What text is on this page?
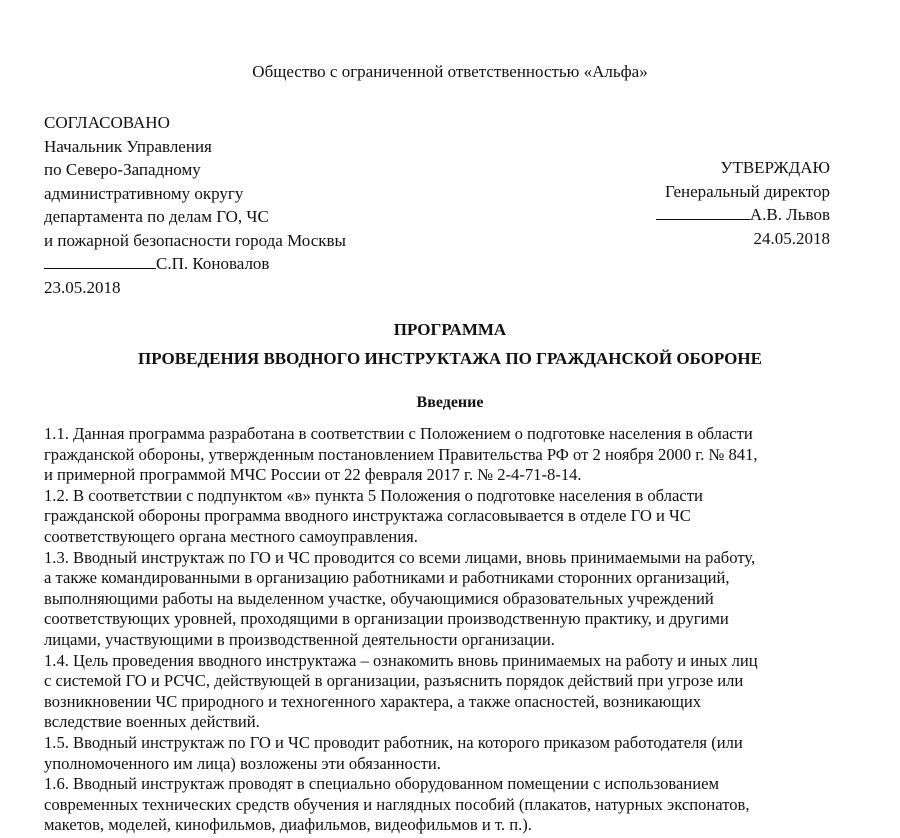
Общество с ограниченной ответственностью «Альфа»
СОГЛАСОВАНО
Начальник Управления
по Северо-Западному
административному округу
департамента по делам ГО, ЧС
и пожарной безопасности города Москвы
С.П. Коновалов
23.05.2018
УТВЕРЖДАЮ
Генеральный директор
А.В. Львов
24.05.2018
ПРОГРАММА
ПРОВЕДЕНИЯ ВВОДНОГО ИНСТРУКТАЖА ПО ГРАЖДАНСКОЙ ОБОРОНЕ
Введение
1.1. Данная программа разработана в соответствии с Положением о подготовке населения в области
гражданской обороны, утвержденным постановлением Правительства РФ от 2 ноября 2000 г. № 841,
и примерной программой МЧС России от 22 февраля 2017 г. № 2-4-71-8-14.
1.2. В соответствии с подпунктом «в» пункта 5 Положения о подготовке населения в области
гражданской обороны программа вводного инструктажа согласовывается в отделе ГО и ЧС
соответствующего органа местного самоуправления.
1.3. Вводный инструктаж по ГО и ЧС проводится со всеми лицами, вновь принимаемыми на работу,
а также командированными в организацию работниками и работниками сторонних организаций,
выполняющими работы на выделенном участке, обучающимися образовательных учреждений
соответствующих уровней, проходящими в организации производственную практику, и другими
лицами, участвующими в производственной деятельности организации.
1.4. Цель проведения вводного инструктажа – ознакомить вновь принимаемых на работу и иных лиц
с системой ГО и РСЧС, действующей в организации, разъяснить порядок действий при угрозе или
возникновении ЧС природного и техногенного характера, а также опасностей, возникающих
вследствие военных действий.
1.5. Вводный инструктаж по ГО и ЧС проводит работник, на которого приказом работодателя (или
уполномоченного им лица) возложены эти обязанности.
1.6. Вводный инструктаж проводят в специально оборудованном помещении с использованием
современных технических средств обучения и наглядных пособий (плакатов, натурных экспонатов,
макетов, моделей, кинофильмов, диафильмов, видеофильмов и т. п.).
